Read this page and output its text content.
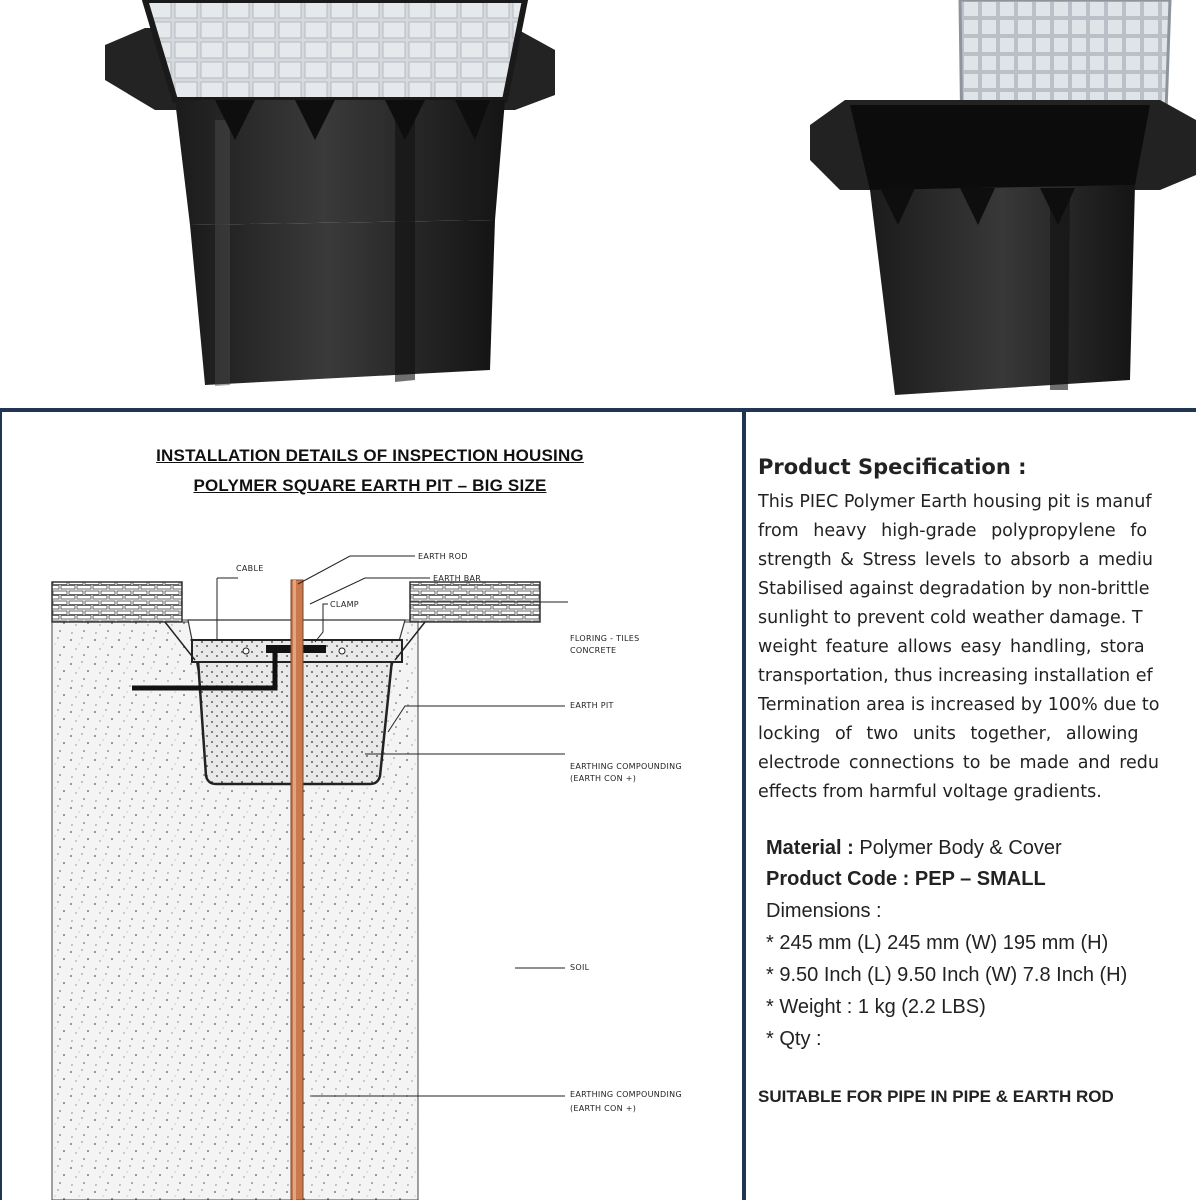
INSTALLATION DETAILS OF INSPECTION HOUSING
POLYMER SQUARE EARTH PIT – BIG SIZE
CABLE
EARTH ROD
EARTH BAR
CLAMP
FLORING - TILES
CONCRETE
EARTH PIT
EARTHING COMPOUNDING
(EARTH CON +)
SOIL
EARTHING COMPOUNDING
(EARTH CON +)
Product Specification :
This PIEC Polymer Earth housing pit is manuf
from heavy high-grade polypropylene fo
strength & Stress levels to absorb a mediu
Stabilised against degradation by non-brittle
sunlight to prevent cold weather damage. T
weight feature allows easy handling, stora
transportation, thus increasing installation ef
Termination area is increased by 100% due to
locking of two units together, allowing
electrode connections to be made and redu
effects from harmful voltage gradients.
Material : Polymer Body & Cover
Product Code : PEP – SMALL
Dimensions :
* 245 mm (L) 245 mm (W) 195 mm (H)
* 9.50 Inch (L) 9.50 Inch (W) 7.8 Inch (H)
* Weight : 1 kg (2.2 LBS)
* Qty :
SUITABLE FOR PIPE IN PIPE & EARTH ROD
